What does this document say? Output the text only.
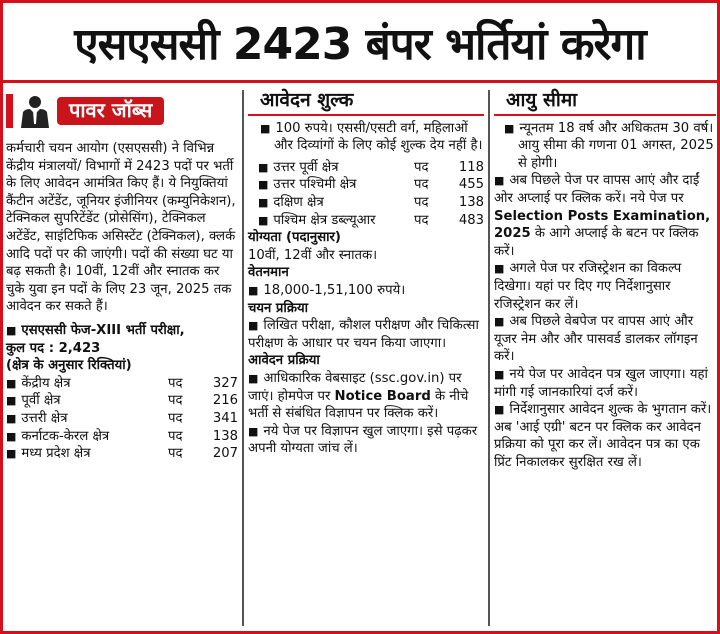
एसएससी 2423 बंपर भर्तियां करेगा
पावर जॉब्स

कर्मचारी चयन आयोग (एसएससी) ने विभिन्न केंद्रीय मंत्रालयों/ विभागों में 2423 पदों पर भर्ती के लिए आवेदन आमंत्रित किए हैं। ये नियुक्तियां कैंटीन अटेंडेंट, जूनियर इंजीनियर (कम्युनिकेशन), टेक्निकल सुपरिटेंडेंट (प्रोसेसिंग), टेक्निकल अटेंडेंट, साइंटिफिक असिस्टेंट (टेक्निकल), क्लर्क आदि पदों पर की जाएंगी। पदों की संख्या घट या बढ़ सकती है। 10वीं, 12वीं और स्नातक कर चुके युवा इन पदों के लिए 23 जून, 2025 तक आवेदन कर सकते हैं।

■ एसएससी फेज-XIII भर्ती परीक्षा,

कुल पद : 2,423

(क्षेत्र के अनुसार रिक्तियां)

■ केंद्रीय क्षेत्र	पद	327
■ पूर्वी क्षेत्र	पद	216
■ उत्तरी क्षेत्र	पद	341
■ कर्नाटक-केरल क्षेत्र	पद	138
■ मध्य प्रदेश क्षेत्र	पद	207
आवेदन शुल्क

■ 100 रुपये। एससी/एसटी वर्ग, महिलाओं और दिव्यांगों के लिए कोई शुल्क देय नहीं है।

■ उत्तर पूर्वी क्षेत्र	पद	118
■ उत्तर पश्चिमी क्षेत्र	पद	455
■ दक्षिण क्षेत्र	पद	138
■ पश्चिम क्षेत्र डब्ल्यूआर	पद	483

योग्यता (पदानुसार)

10वीं, 12वीं और स्नातक।

वेतनमान

■ 18,000-1,51,100 रुपये।

चयन प्रक्रिया

■ लिखित परीक्षा, कौशल परीक्षण और चिकित्सा परीक्षण के आधार पर चयन किया जाएगा।

आवेदन प्रक्रिया

■ आधिकारिक वेबसाइट (ssc.gov.in) पर जाएं। होमपेज पर Notice Board के नीचे भर्ती से संबंधित विज्ञापन पर क्लिक करें।

■ नये पेज पर विज्ञापन खुल जाएगा। इसे पढ़कर अपनी योग्यता जांच लें।

आयु सीमा

■ न्यूनतम 18 वर्ष और अधिकतम 30 वर्ष। आयु सीमा की गणना 01 अगस्त, 2025 से होगी।

■ अब पिछले पेज पर वापस आएं और दाईं ओर अप्लाई पर क्लिक करें। नये पेज पर Selection Posts Examination, 2025 के आगे अप्लाई के बटन पर क्लिक करें।

■ अगले पेज पर रजिस्ट्रेशन का विकल्प दिखेगा। यहां पर दिए गए निर्देशानुसार रजिस्ट्रेशन कर लें।

■ अब पिछले वेबपेज पर वापस आएं और यूजर नेम और और पासवर्ड डालकर लॉगइन करें।

■ नये पेज पर आवेदन पत्र खुल जाएगा। यहां मांगी गई जानकारियां दर्ज करें।

■ निर्देशानुसार आवेदन शुल्क के भुगतान करें। अब 'आई एग्री' बटन पर क्लिक कर आवेदन प्रक्रिया को पूरा कर लें। आवेदन पत्र का एक प्रिंट निकालकर सुरक्षित रख लें।
